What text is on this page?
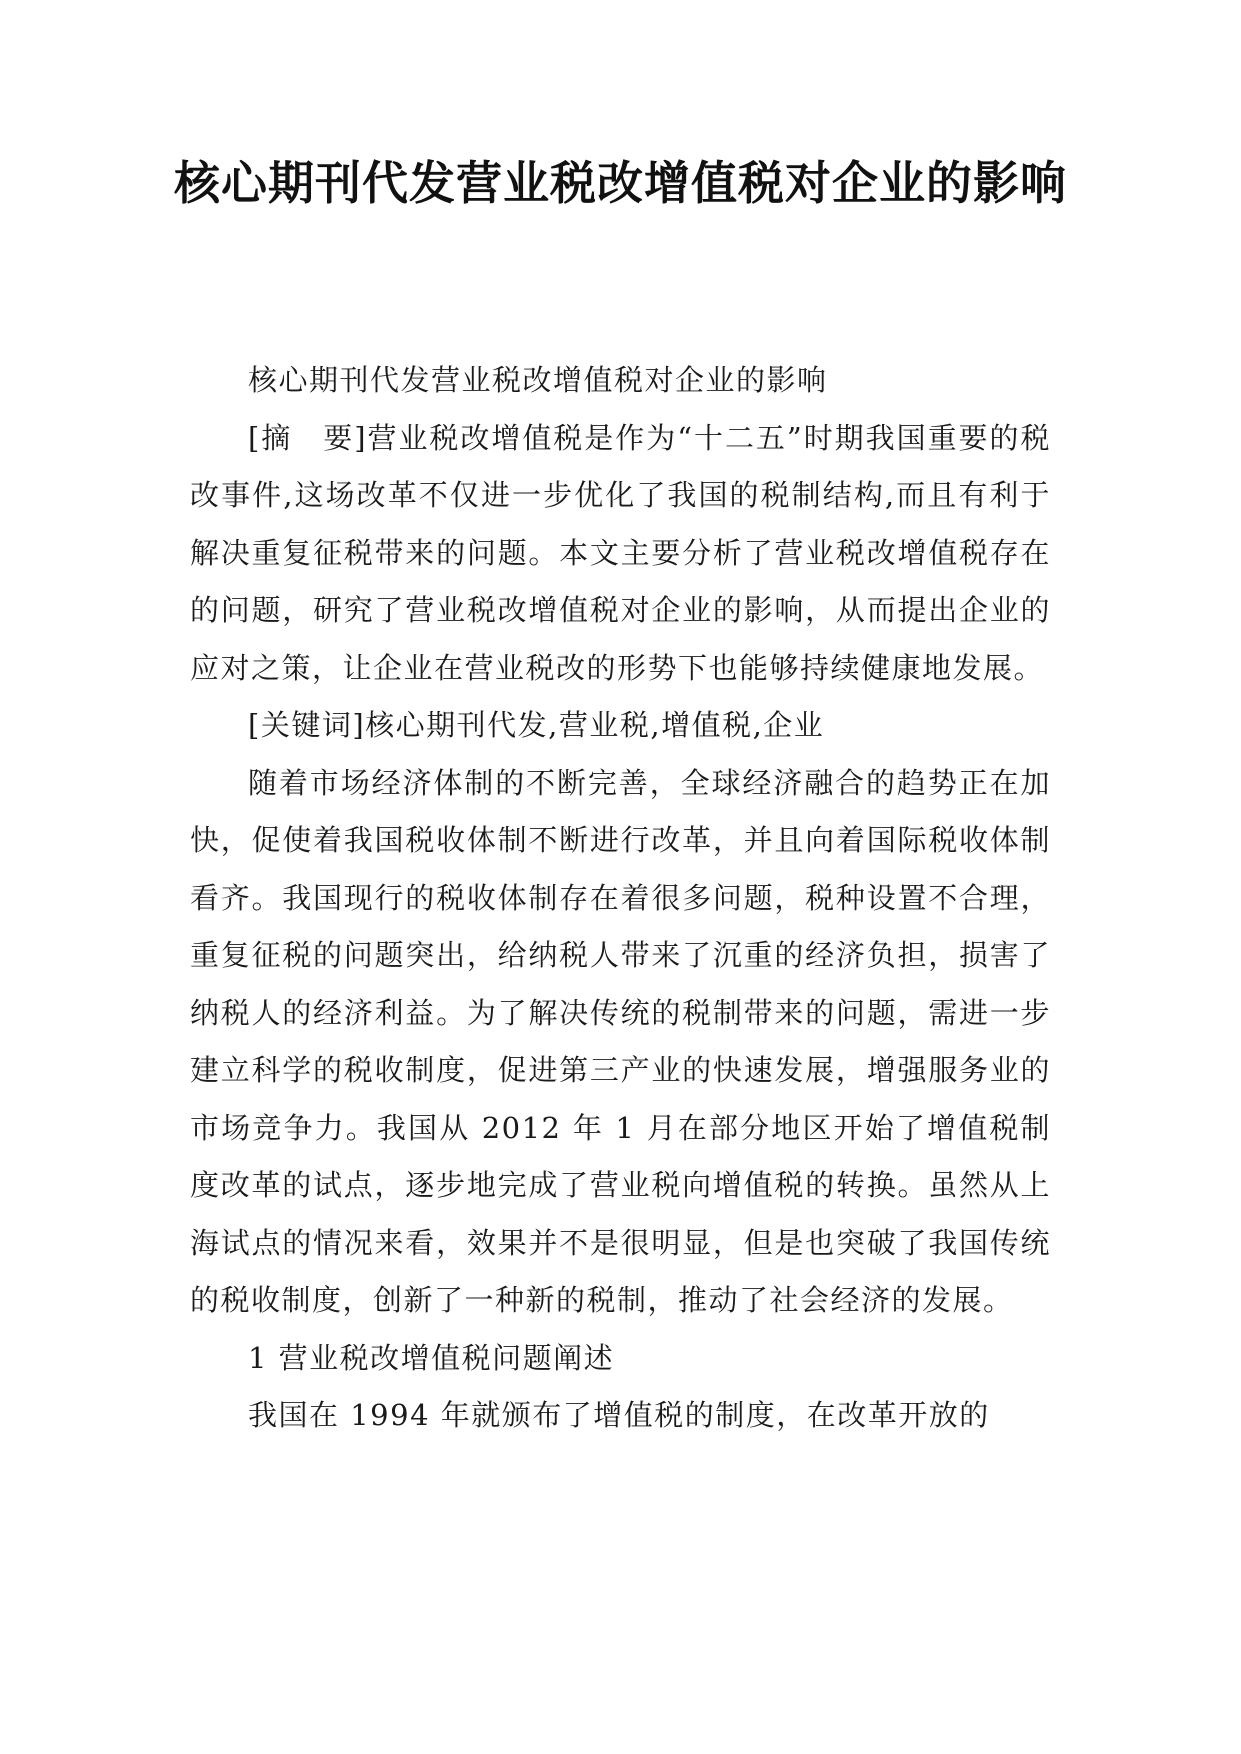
核心期刊代发营业税改增值税对企业的影响

核心期刊代发营业税改增值税对企业的影响

[摘　要]营业税改增值税是作为“十二五”时期我国重要的税改事件,这场改革不仅进一步优化了我国的税制结构,而且有利于解决重复征税带来的问题。本文主要分析了营业税改增值税存在的问题，研究了营业税改增值税对企业的影响，从而提出企业的应对之策，让企业在营业税改的形势下也能够持续健康地发展。

[关键词]核心期刊代发,营业税,增值税,企业

随着市场经济体制的不断完善，全球经济融合的趋势正在加快，促使着我国税收体制不断进行改革，并且向着国际税收体制看齐。我国现行的税收体制存在着很多问题，税种设置不合理，重复征税的问题突出，给纳税人带来了沉重的经济负担，损害了纳税人的经济利益。为了解决传统的税制带来的问题，需进一步建立科学的税收制度，促进第三产业的快速发展，增强服务业的市场竞争力。我国从 2012 年 1 月在部分地区开始了增值税制度改革的试点，逐步地完成了营业税向增值税的转换。虽然从上海试点的情况来看，效果并不是很明显，但是也突破了我国传统的税收制度，创新了一种新的税制，推动了社会经济的发展。

1 营业税改增值税问题阐述

我国在 1994 年就颁布了增值税的制度，在改革开放的
